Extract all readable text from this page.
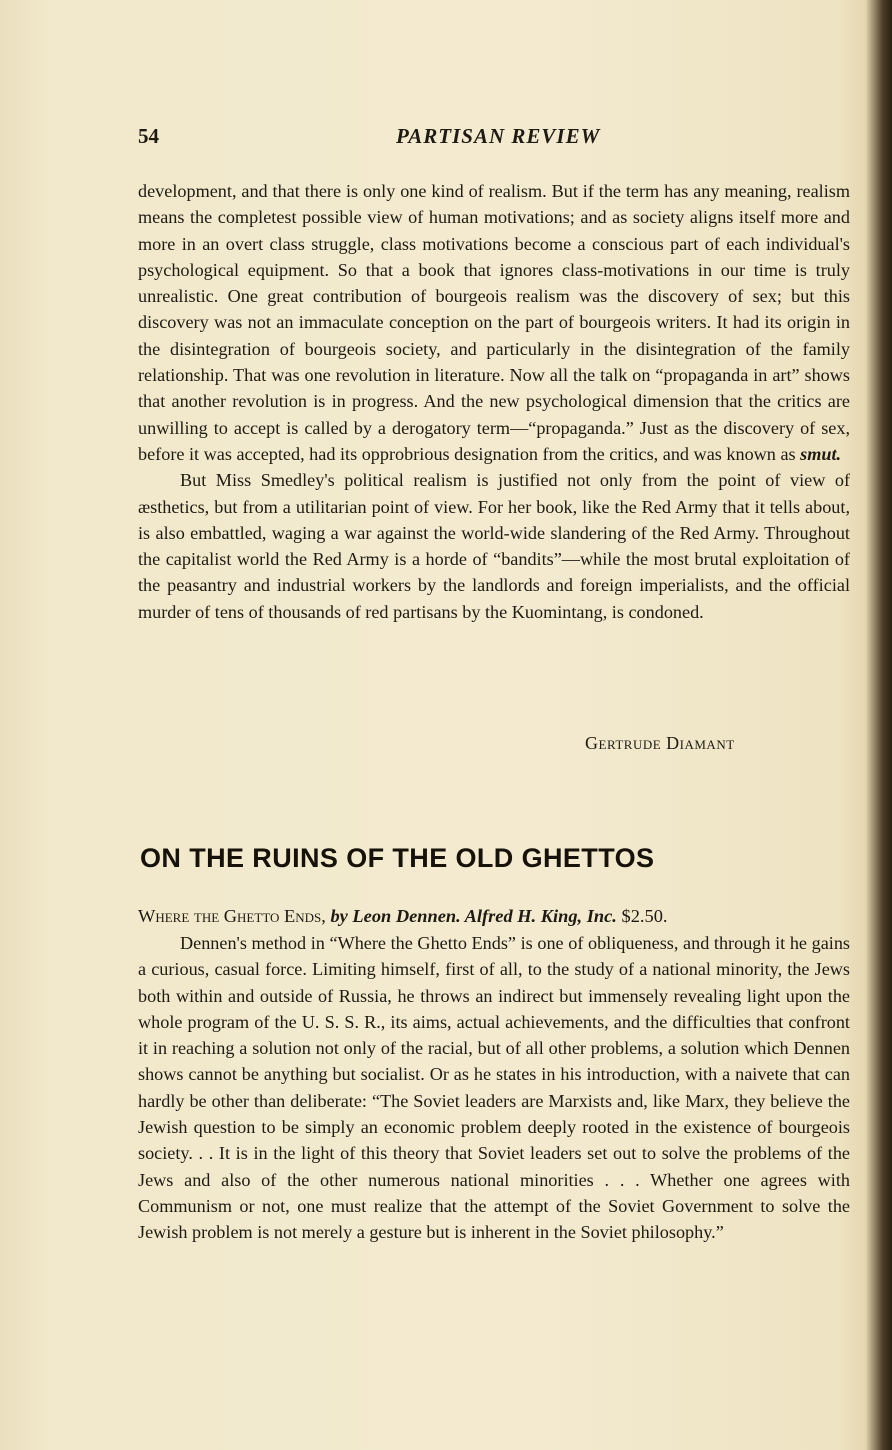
54	PARTISAN REVIEW

development, and that there is only one kind of realism. But if the term has any meaning, realism means the completest possible view of human motivations; and as society aligns itself more and more in an overt class struggle, class motivations become a conscious part of each individual's psychological equipment. So that a book that ignores class-motivations in our time is truly unrealistic. One great contribution of bourgeois realism was the discovery of sex; but this discovery was not an immaculate conception on the part of bourgeois writers. It had its origin in the disintegration of bourgeois society, and particularly in the disintegration of the family relationship. That was one revolution in literature. Now all the talk on “propaganda in art” shows that another revolution is in progress. And the new psychological dimension that the critics are unwilling to accept is called by a derogatory term—“propaganda.” Just as the discovery of sex, before it was accepted, had its opprobrious designation from the critics, and was known as smut.

But Miss Smedley's political realism is justified not only from the point of view of æsthetics, but from a utilitarian point of view. For her book, like the Red Army that it tells about, is also embattled, waging a war against the world-wide slandering of the Red Army. Throughout the capitalist world the Red Army is a horde of “bandits”—while the most brutal exploitation of the peasantry and industrial workers by the landlords and foreign imperialists, and the official murder of tens of thousands of red partisans by the Kuomintang, is condoned.

Gertrude Diamant
ON THE RUINS OF THE OLD GHETTOS
Where the Ghetto Ends, by Leon Dennen. Alfred H. King, Inc. $2.50.

Dennen's method in “Where the Ghetto Ends” is one of obliqueness, and through it he gains a curious, casual force. Limiting himself, first of all, to the study of a national minority, the Jews both within and outside of Russia, he throws an indirect but immensely revealing light upon the whole program of the U. S. S. R., its aims, actual achievements, and the difficulties that confront it in reaching a solution not only of the racial, but of all other problems, a solution which Dennen shows cannot be anything but socialist. Or as he states in his introduction, with a naivete that can hardly be other than deliberate: “The Soviet leaders are Marxists and, like Marx, they believe the Jewish question to be simply an economic problem deeply rooted in the existence of bourgeois society. . . It is in the light of this theory that Soviet leaders set out to solve the problems of the Jews and also of the other numerous national minorities . . . Whether one agrees with Communism or not, one must realize that the attempt of the Soviet Government to solve the Jewish problem is not merely a gesture but is inherent in the Soviet philosophy.”
